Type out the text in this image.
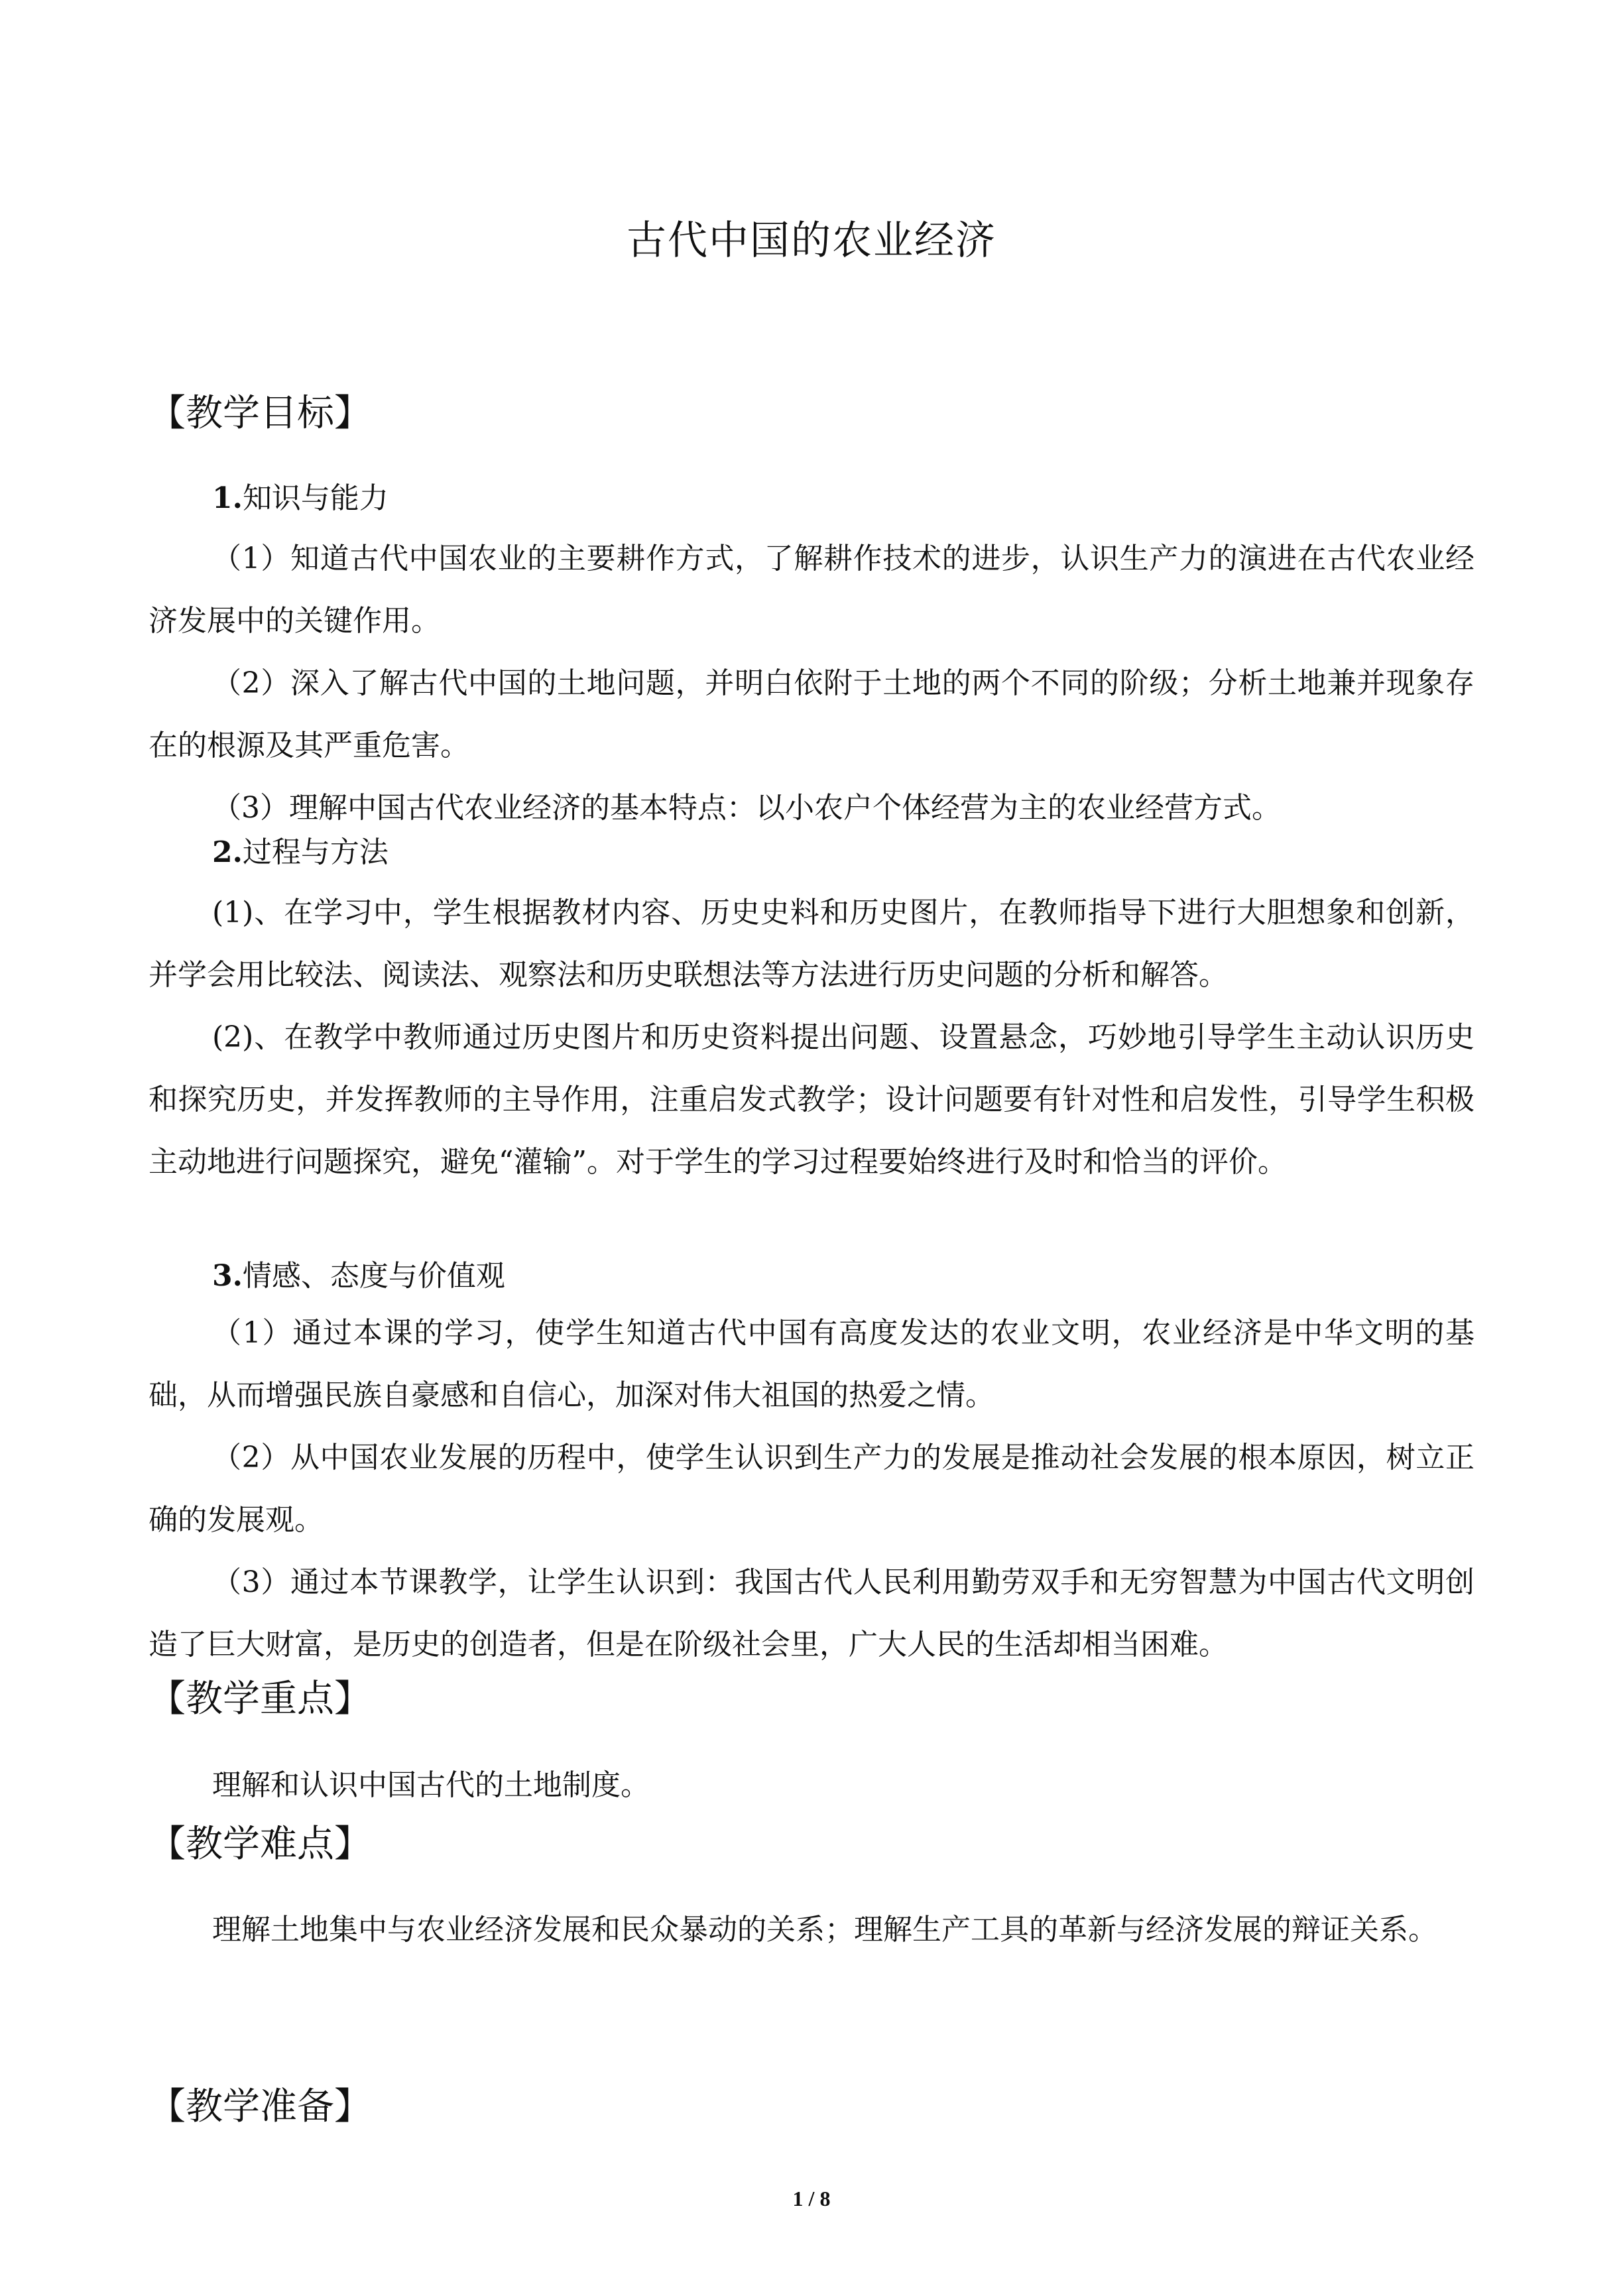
古代中国的农业经济
【教学目标】

1.知识与能力

（1）知道古代中国农业的主要耕作方式，了解耕作技术的进步，认识生产力的演进在古代农业经济发展中的关键作用。

（2）深入了解古代中国的土地问题，并明白依附于土地的两个不同的阶级；分析土地兼并现象存在的根源及其严重危害。

（3）理解中国古代农业经济的基本特点：以小农户个体经营为主的农业经营方式。

2.过程与方法

(1)、在学习中，学生根据教材内容、历史史料和历史图片，在教师指导下进行大胆想象和创新，并学会用比较法、阅读法、观察法和历史联想法等方法进行历史问题的分析和解答。

(2)、在教学中教师通过历史图片和历史资料提出问题、设置悬念，巧妙地引导学生主动认识历史和探究历史，并发挥教师的主导作用，注重启发式教学；设计问题要有针对性和启发性，引导学生积极主动地进行问题探究，避免“灌输”。对于学生的学习过程要始终进行及时和恰当的评价。

3.情感、态度与价值观

（1）通过本课的学习，使学生知道古代中国有高度发达的农业文明，农业经济是中华文明的基础，从而增强民族自豪感和自信心，加深对伟大祖国的热爱之情。

（2）从中国农业发展的历程中，使学生认识到生产力的发展是推动社会发展的根本原因，树立正确的发展观。

（3）通过本节课教学，让学生认识到：我国古代人民利用勤劳双手和无穷智慧为中国古代文明创造了巨大财富，是历史的创造者，但是在阶级社会里，广大人民的生活却相当困难。

【教学重点】

理解和认识中国古代的土地制度。

【教学难点】

理解土地集中与农业经济发展和民众暴动的关系；理解生产工具的革新与经济发展的辩证关系。

【教学准备】
1 / 8
